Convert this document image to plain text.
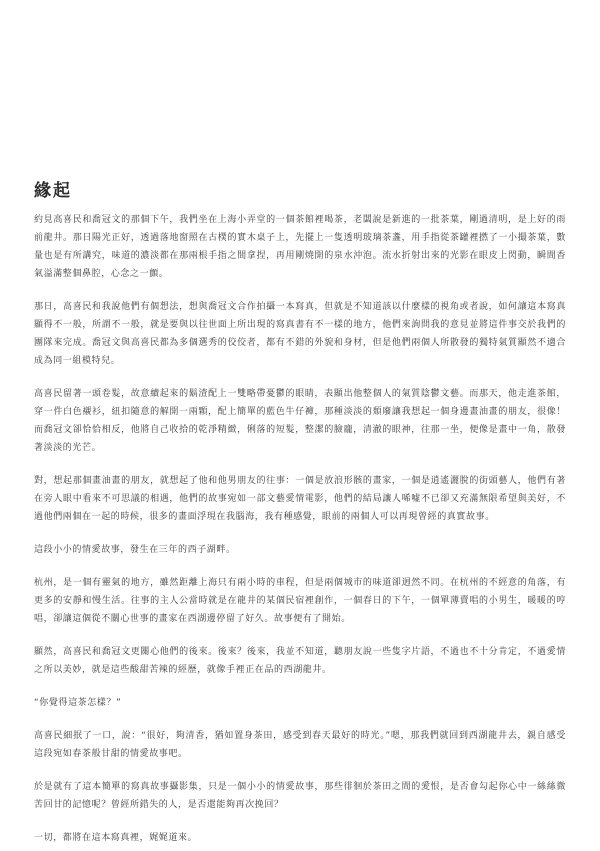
緣起

約見高喜民和喬冠文的那個下午，我們坐在上海小弄堂的一個茶館裡喝茶，老闆說是新進的一批茶葉，剛過清明，是上好的雨前龍井。那日陽光正好，透過落地窗照在古樸的實木桌子上，先擺上一隻透明玻璃茶盞，用手指從茶罐裡撚了一小撮茶葉，數量也是有所講究，味道的濃淡都在那兩根手指之間拿捏，再用剛燒開的泉水沖泡。流水折射出來的光影在眼皮上閃動，瞬間香氣溢滿整個鼻腔，心念之一顫。

那日，高喜民和我說他們有個想法，想與喬冠文合作拍攝一本寫真，但就是不知道該以什麼樣的視角或者說，如何讓這本寫真顯得不一般，所謂不一般，就是要與以往世面上所出現的寫真書有不一樣的地方，他們來詢問我的意見並將這件事交於我們的團隊來完成。喬冠文與高喜民都為多個選秀的佼佼者，都有不錯的外貌和身材，但是他們兩個人所散發的獨特氣質顯然不適合成為同一組模特兒。

高喜民留著一頭卷髮，故意續起來的鬍渣配上一雙略帶憂鬱的眼睛，表顯出他整個人的氣質陰鬱文藝。而那天，他走進茶館，穿一件白色襯衫，紐扣隨意的解開一兩顆，配上簡單的藍色牛仔褲，那種淡淡的頹廢讓我想起一個身邊畫油畫的朋友，很像！而喬冠文卻恰恰相反，他將自己收拾的乾淨精緻，俐落的短髮，整潔的臉龐，清澈的眼神，往那一坐，便像是畫中一角，散發著淡淡的光芒。

對，想起那個畫油畫的朋友，就想起了他和他男朋友的往事：一個是放浪形骸的畫家，一個是逍遙灑脫的街頭藝人，他們有著在旁人眼中看來不可思議的相遇，他們的故事宛如一部文藝愛情電影，他們的結局讓人唏噓不已卻又充滿無限希望與美好，不過他們兩個在一起的時候，很多的畫面浮現在我腦海，我有種感覺，眼前的兩個人可以再現曾經的真實故事。

這段小小的情愛故事，發生在三年的西子湖畔。

杭州，是一個有靈氣的地方，雖然距離上海只有兩小時的車程，但是兩個城市的味道卻迥然不同。在杭州的不經意的角落，有更多的安靜和慢生活。往事的主人公當時就是在龍井的某個民宿裡創作，一個春日的下午，一個單薄賣唱的小男生，暖暖的哼唱，卻讓這個從不關心世事的畫家在西湖邊停留了好久。故事便有了開始。

顯然，高喜民和喬冠文更關心他們的後來。後來？後來，我並不知道，聽朋友說一些隻字片語，不過也不十分肯定，不過愛情之所以美妙，就是這些酸甜苦辣的經歷，就像手裡正在品的西湖龍井。

“你覺得這茶怎樣？”

高喜民細抿了一口，說：“很好，夠清香，猶如置身茶田，感受到春天最好的時光。”嗯，那我們就回到西湖龍井去，親自感受這段宛如春茶般甘甜的情愛故事吧。

於是就有了這本簡單的寫真故事攝影集，只是一個小小的情愛故事，那些徘徊於茶田之間的愛恨，是否會勾起你心中一絲絲微苦回甘的記憶呢？曾經所錯失的人，是否還能夠再次挽回？

一切，都將在這本寫真裡，娓娓道來。
